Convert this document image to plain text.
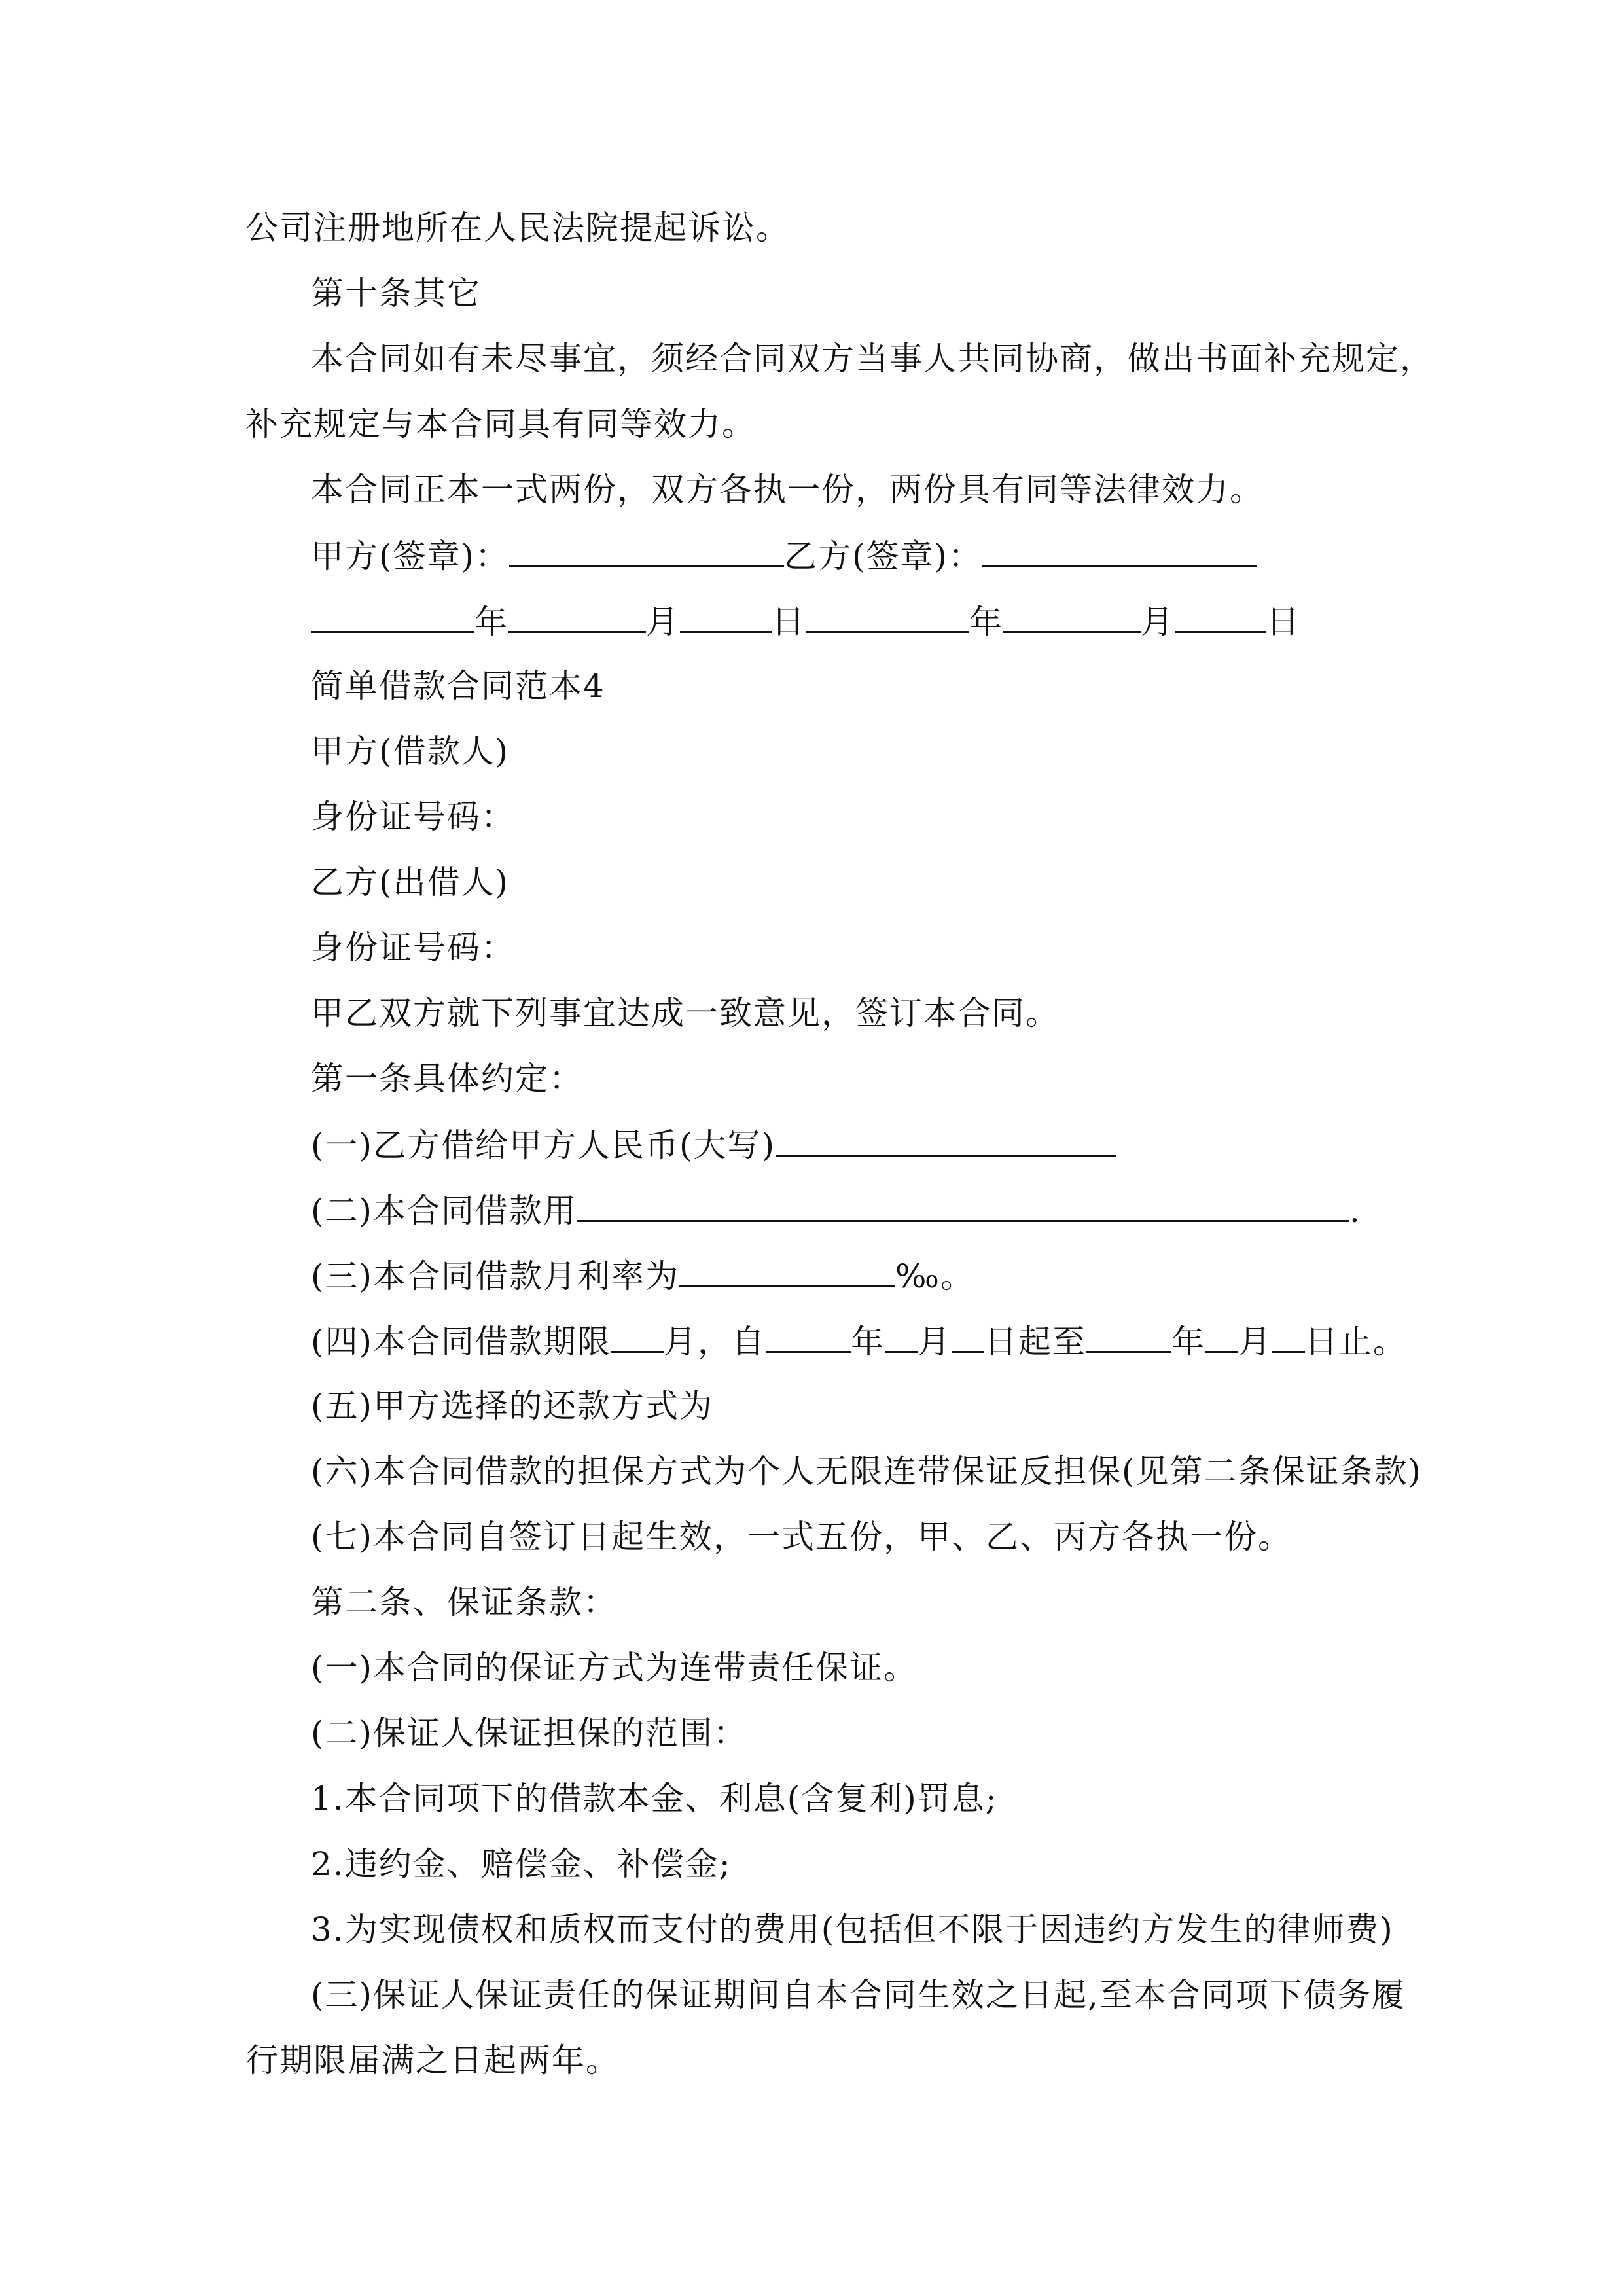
公司注册地所在人民法院提起诉讼。
第十条其它
本合同如有未尽事宜，须经合同双方当事人共同协商，做出书面补充规定，
补充规定与本合同具有同等效力。
本合同正本一式两份，双方各执一份，两份具有同等法律效力。
甲方(签章)：	乙方(签章)：
年	月	日	年	月	日
简单借款合同范本4
甲方(借款人)
身份证号码：
乙方(出借人)
身份证号码：
甲乙双方就下列事宜达成一致意见，签订本合同。
第一条具体约定：
(一)乙方借给甲方人民币(大写)
(二)本合同借款用	.
(三)本合同借款月利率为	‰。
(四)本合同借款期限 月，自	年 月 日起至	年 月 日止。
(五)甲方选择的还款方式为
(六)本合同借款的担保方式为个人无限连带保证反担保(见第二条保证条款)
(七)本合同自签订日起生效，一式五份，甲、乙、丙方各执一份。
第二条、保证条款：
(一)本合同的保证方式为连带责任保证。
(二)保证人保证担保的范围：
1.本合同项下的借款本金、利息(含复利)罚息;
2.违约金、赔偿金、补偿金;
3.为实现债权和质权而支付的费用(包括但不限于因违约方发生的律师费)
(三)保证人保证责任的保证期间自本合同生效之日起,至本合同项下债务履
行期限届满之日起两年。
